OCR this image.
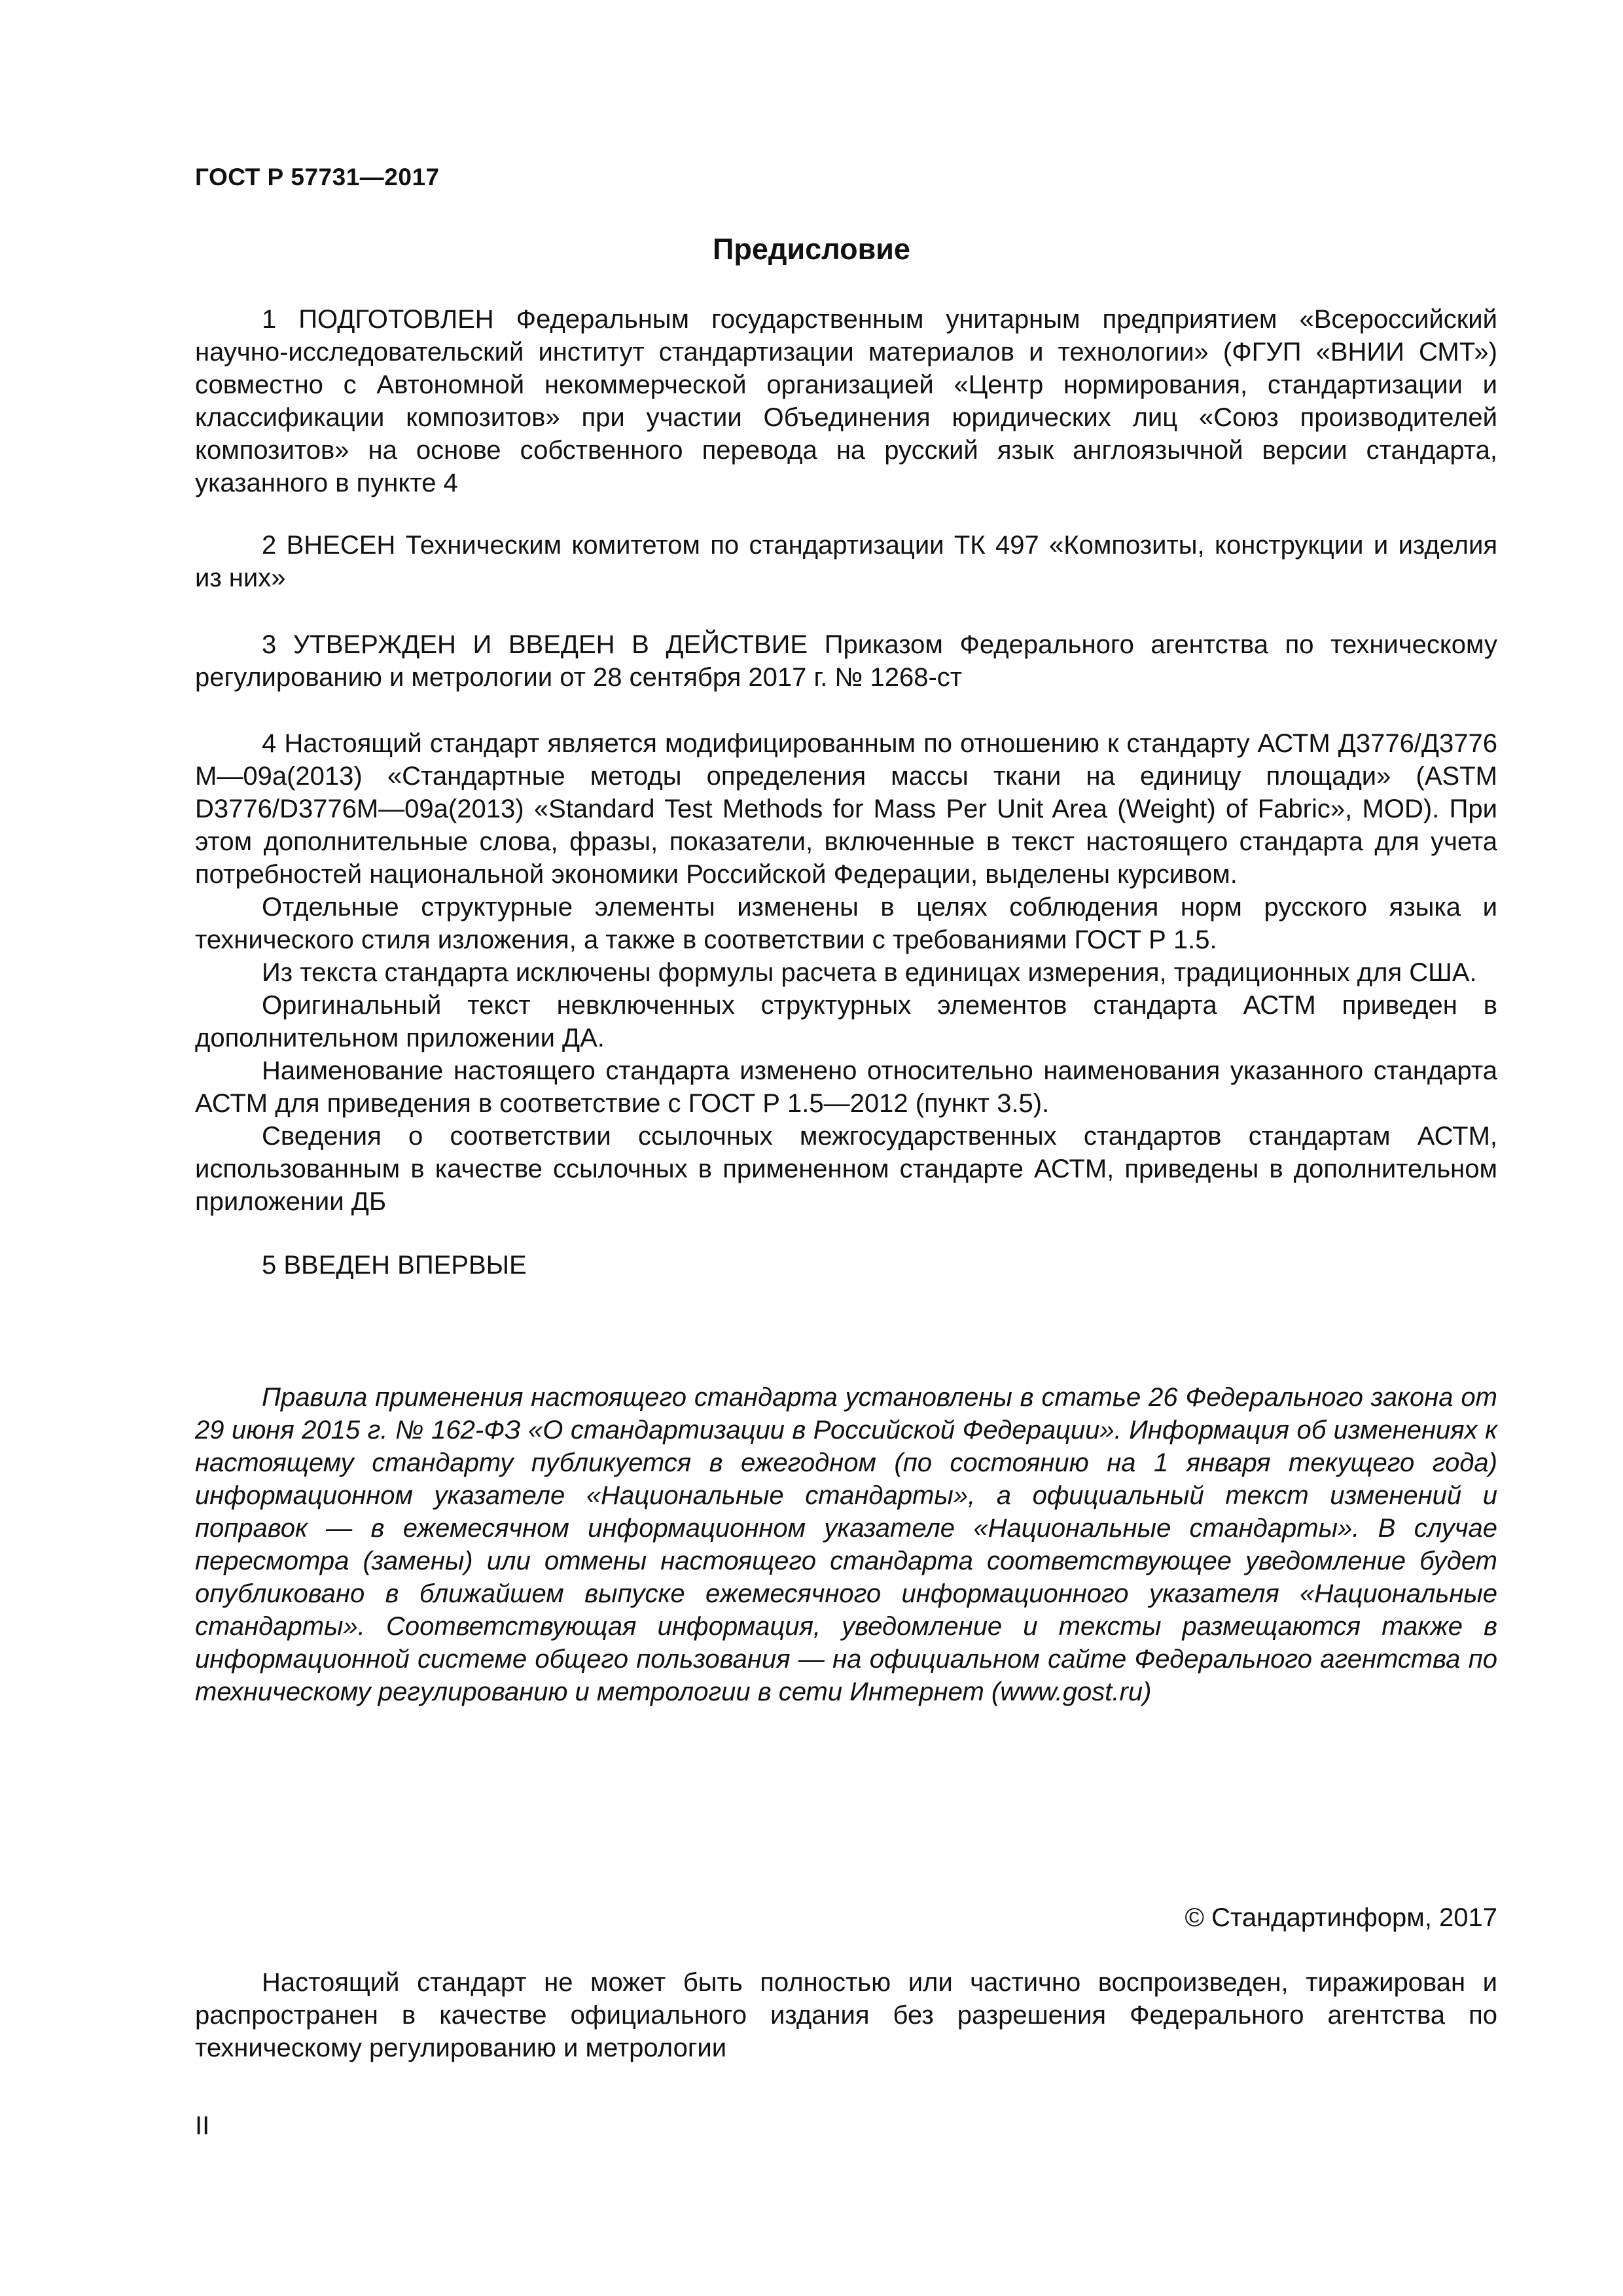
ГОСТ Р 57731—2017
Предисловие

1 ПОДГОТОВЛЕН Федеральным государственным унитарным предприятием «Всероссийский научно-исследовательский институт стандартизации материалов и технологии» (ФГУП «ВНИИ СМТ») совместно с Автономной некоммерческой организацией «Центр нормирования, стандартизации и классификации композитов» при участии Объединения юридических лиц «Союз производителей композитов» на основе собственного перевода на русский язык англоязычной версии стандарта, указанного в пункте 4

2 ВНЕСЕН Техническим комитетом по стандартизации ТК 497 «Композиты, конструкции и изделия из них»

3 УТВЕРЖДЕН И ВВЕДЕН В ДЕЙСТВИЕ Приказом Федерального агентства по техническому регулированию и метрологии от 28 сентября 2017 г. № 1268-ст

4 Настоящий стандарт является модифицированным по отношению к стандарту АСТМ Д3776/Д3776 М—09а(2013) «Стандартные методы определения массы ткани на единицу площади» (ASTM D3776/D3776M—09a(2013) «Standard Test Methods for Mass Per Unit Area (Weight) of Fabric», MOD). При этом дополнительные слова, фразы, показатели, включенные в текст настоящего стандарта для учета потребностей национальной экономики Российской Федерации, выделены курсивом.

Отдельные структурные элементы изменены в целях соблюдения норм русского языка и технического стиля изложения, а также в соответствии с требованиями ГОСТ Р 1.5.

Из текста стандарта исключены формулы расчета в единицах измерения, традиционных для США.

Оригинальный текст невключенных структурных элементов стандарта АСТМ приведен в дополнительном приложении ДА.

Наименование настоящего стандарта изменено относительно наименования указанного стандарта АСТМ для приведения в соответствие с ГОСТ Р 1.5—2012 (пункт 3.5).

Сведения о соответствии ссылочных межгосударственных стандартов стандартам АСТМ, использованным в качестве ссылочных в примененном стандарте АСТМ, приведены в дополнительном приложении ДБ

5 ВВЕДЕН ВПЕРВЫЕ

Правила применения настоящего стандарта установлены в статье 26 Федерального закона от 29 июня 2015 г. № 162-ФЗ «О стандартизации в Российской Федерации». Информация об изменениях к настоящему стандарту публикуется в ежегодном (по состоянию на 1 января текущего года) информационном указателе «Национальные стандарты», а официальный текст изменений и поправок — в ежемесячном информационном указателе «Национальные стандарты». В случае пересмотра (замены) или отмены настоящего стандарта соответствующее уведомление будет опубликовано в ближайшем выпуске ежемесячного информационного указателя «Национальные стандарты». Соответствующая информация, уведомление и тексты размещаются также в информационной системе общего пользования — на официальном сайте Федерального агентства по техническому регулированию и метрологии в сети Интернет (www.gost.ru)

© Стандартинформ, 2017

Настоящий стандарт не может быть полностью или частично воспроизведен, тиражирован и распространен в качестве официального издания без разрешения Федерального агентства по техническому регулированию и метрологии

II
